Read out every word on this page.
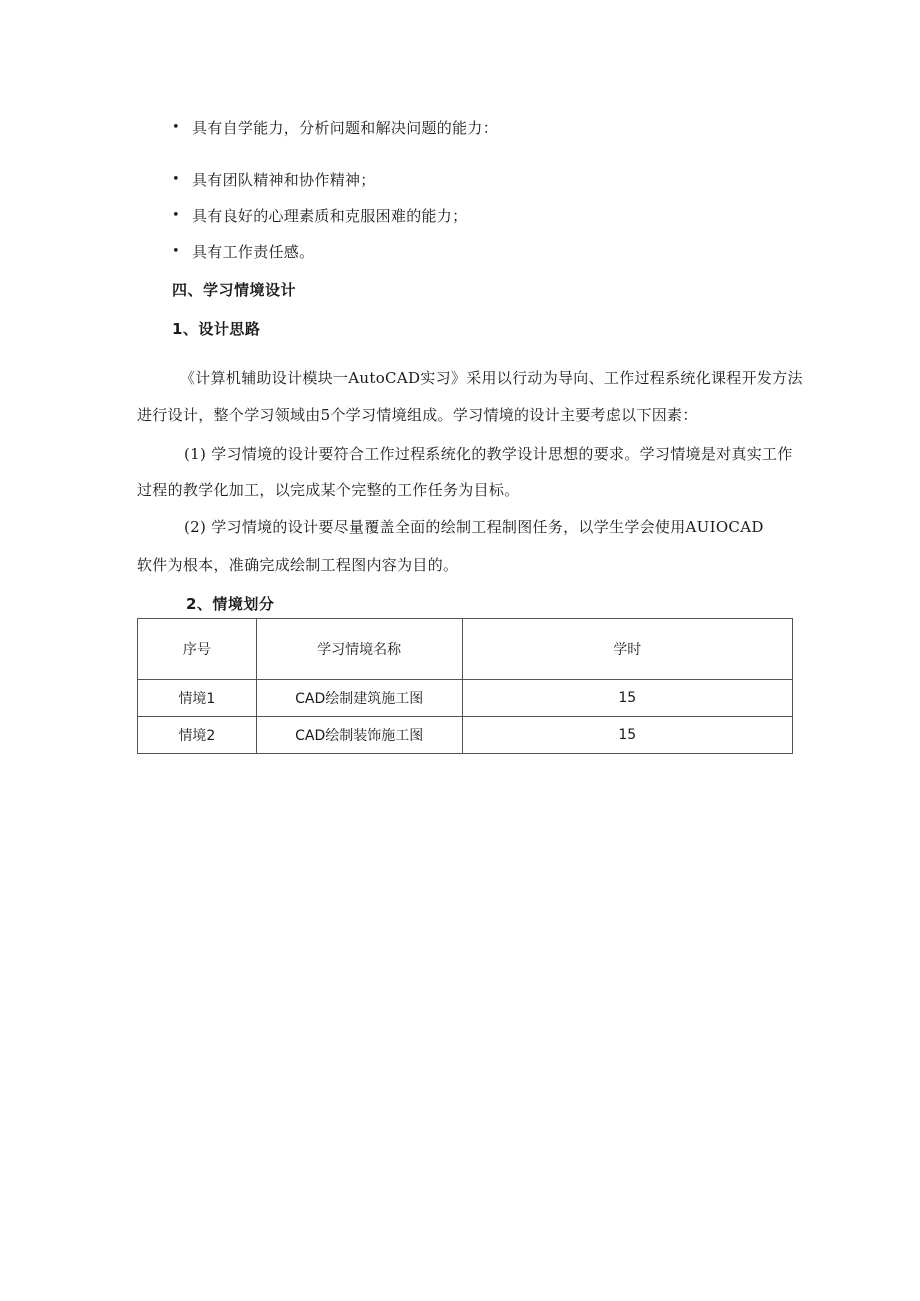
• 具有自学能力，分析问题和解决问题的能力：
• 具有团队精神和协作精神；
• 具有良好的心理素质和克服困难的能力；
• 具有工作责任感。
四、学习情境设计
1、设计思路
《计算机辅助设计模块一AutoCAD实习》采用以行动为导向、工作过程系统化课程开发方法
进行设计，整个学习领域由5个学习情境组成。学习情境的设计主要考虑以下因素：
(1) 学习情境的设计要符合工作过程系统化的教学设计思想的要求。学习情境是对真实工作
过程的教学化加工，以完成某个完整的工作任务为目标。
(2) 学习情境的设计要尽量覆盖全面的绘制工程制图任务，以学生学会使用AUIOCAD
软件为根本，准确完成绘制工程图内容为目的。
2、情境划分
序号	学习情境名称	学时
情境1	CAD绘制建筑施工图	15
情境2	CAD绘制装饰施工图	15
